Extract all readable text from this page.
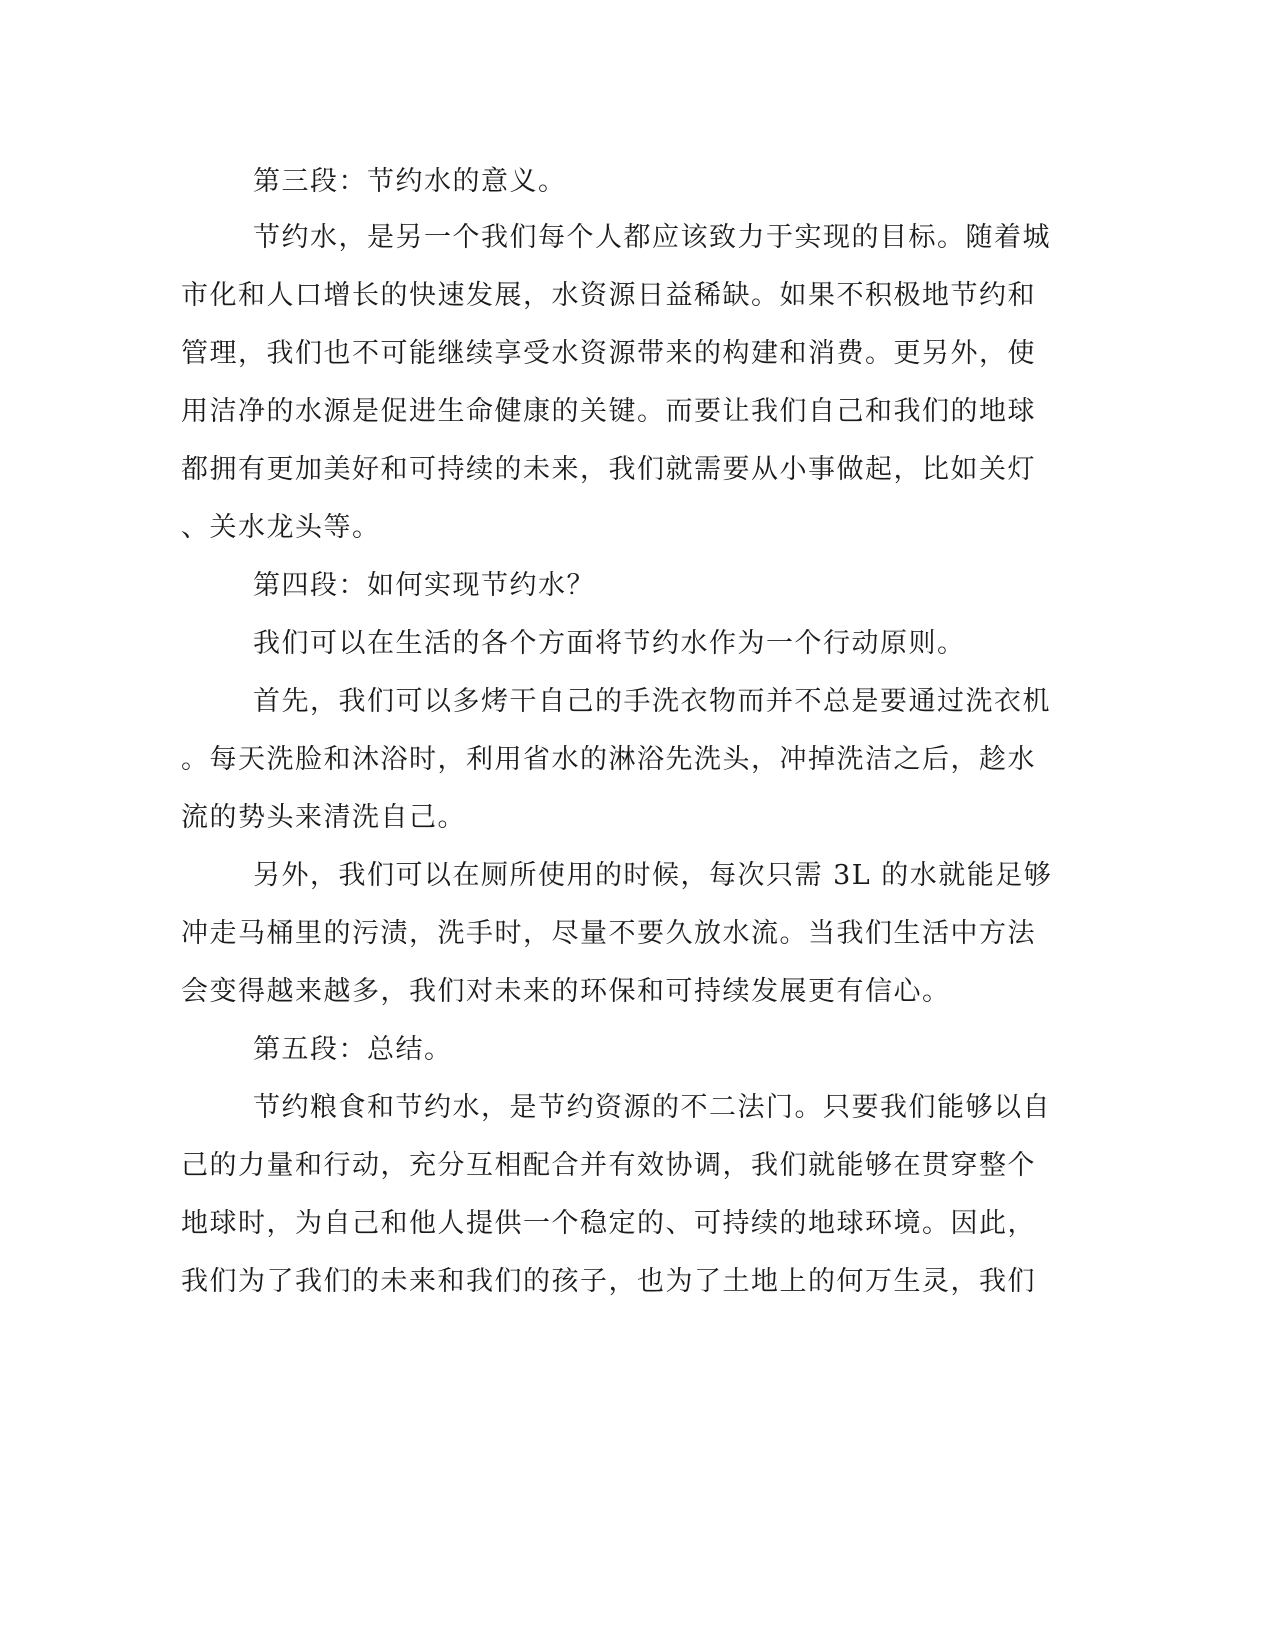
第三段：节约水的意义。

节约水，是另一个我们每个人都应该致力于实现的目标。随着城

市化和人口增长的快速发展，水资源日益稀缺。如果不积极地节约和

管理，我们也不可能继续享受水资源带来的构建和消费。更另外，使

用洁净的水源是促进生命健康的关键。而要让我们自己和我们的地球

都拥有更加美好和可持续的未来，我们就需要从小事做起，比如关灯

、关水龙头等。

第四段：如何实现节约水？

我们可以在生活的各个方面将节约水作为一个行动原则。

首先，我们可以多烤干自己的手洗衣物而并不总是要通过洗衣机

。每天洗脸和沐浴时，利用省水的淋浴先洗头，冲掉洗洁之后，趁水

流的势头来清洗自己。

另外，我们可以在厕所使用的时候，每次只需 3L 的水就能足够

冲走马桶里的污渍，洗手时，尽量不要久放水流。当我们生活中方法

会变得越来越多，我们对未来的环保和可持续发展更有信心。

第五段：总结。

节约粮食和节约水，是节约资源的不二法门。只要我们能够以自

己的力量和行动，充分互相配合并有效协调，我们就能够在贯穿整个

地球时，为自己和他人提供一个稳定的、可持续的地球环境。因此，

我们为了我们的未来和我们的孩子，也为了土地上的何万生灵，我们
